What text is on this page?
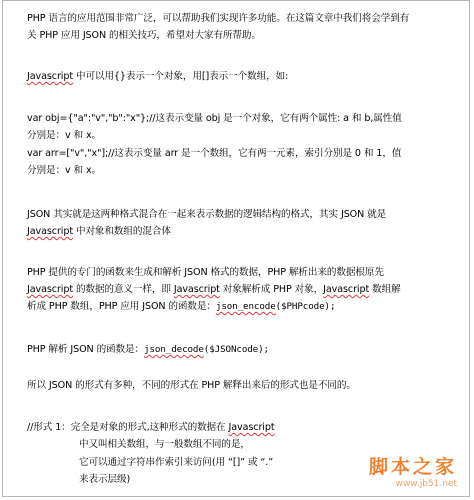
PHP 语言的应用范围非常广泛，可以帮助我们实现许多功能。在这篇文章中我们将会学到有
关 PHP 应用 JSON 的相关技巧，希望对大家有所帮助。
Javascript 中可以用{}表示一个对象，用[]表示一个数组，如:
var obj={"a":"v","b":"x"};//这表示变量 obj 是一个对象，它有两个属性: a 和 b,属性值
分别是：v 和 x。
var arr=["v","x"];//这表示变量 arr 是一个数组，它有两一元素，索引分别是 0 和 1，值
分别是：v 和 x。
JSON 其实就是这两种格式混合在一起来表示数据的逻辑结构的格式，其实 JSON 就是
Javascript 中对象和数组的混合体
PHP 提供的专门的函数来生成和解析 JSON 格式的数据，PHP 解析出来的数据根原先
Javascript 的数据的意义一样，即 Javascript 对象解析成 PHP 对象，Javascript 数组解
析成 PHP 数组，PHP 应用 JSON 的函数是：json_encode($PHPcode);
PHP 解析 JSON 的函数是：json_decode($JSONcode);
所以 JSON 的形式有多种，不同的形式在 PHP 解释出来后的形式也是不同的。
//形式 1：完全是对象的形式,这种形式的数据在 Javascript
中又叫相关数组，与一般数组不同的是，
它可以通过字符串作索引来访问(用 “[]” 或 “.”
来表示层级)
脚本之家
www.jb51.net
